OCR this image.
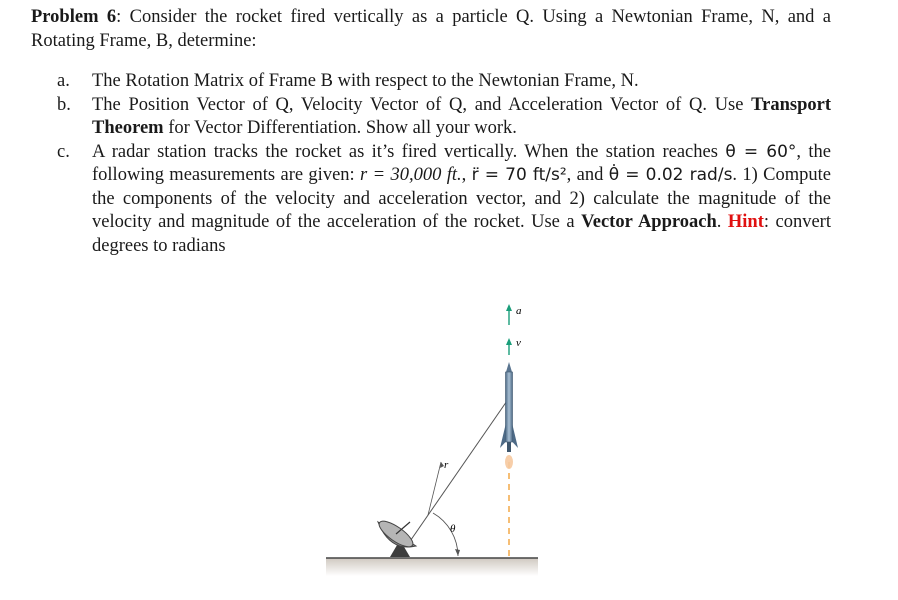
Problem 6: Consider the rocket fired vertically as a particle Q. Using a Newtonian Frame, N, and a Rotating Frame, B, determine:

a.	The Rotation Matrix of Frame B with respect to the Newtonian Frame, N.
b.	The Position Vector of Q, Velocity Vector of Q, and Acceleration Vector of Q. Use Transport Theorem for Vector Differentiation. Show all your work.
c.	A radar station tracks the rocket as it’s fired vertically. When the station reaches θ = 60°, the following measurements are given: r = 30,000 ft., r̈ = 70 ft/s², and θ̇ = 0.02 rad/s. 1) Compute the components of the velocity and acceleration vector, and 2) calculate the magnitude of the velocity and magnitude of the acceleration of the rocket. Use a Vector Approach. Hint: convert degrees to radians
r
θ
v
a
